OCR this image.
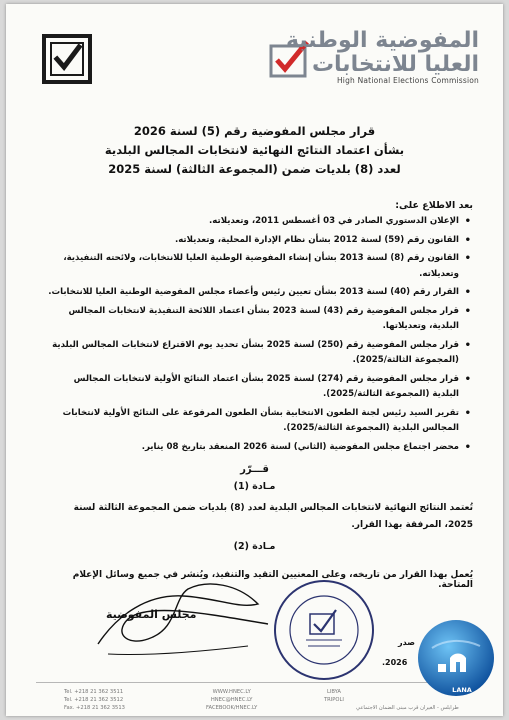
المفوضية الوطنية
العليا للانتخابات
High National Elections Commission
قرار مجلس المفوضية رقم (5) لسنة 2026
بشأن اعتماد النتائج النهائية لانتخابات المجالس البلدية
لعدد (8) بلديات ضمن (المجموعة الثالثة) لسنة 2025
بعد الاطلاع على:
• الإعلان الدستوري الصادر في 03 أغسطس 2011، وتعديلاته.
• القانون رقم (59) لسنة 2012 بشأن نظام الإدارة المحلية، وتعديلاته.
• القانون رقم (8) لسنة 2013 بشأن إنشاء المفوضية الوطنية العليا للانتخابات، ولائحته التنفيذية، وتعديلاته.
• القرار رقم (40) لسنة 2013 بشأن تعيين رئيس وأعضاء مجلس المفوضية الوطنية العليا للانتخابات.
• قرار مجلس المفوضية رقم (43) لسنة 2023 بشأن اعتماد اللائحة التنفيذية لانتخابات المجالس البلدية، وتعديلاتها.
• قرار مجلس المفوضية رقم (250) لسنة 2025 بشأن تحديد يوم الاقتراع لانتخابات المجالس البلدية (المجموعة الثالثة/2025).
• قرار مجلس المفوضية رقم (274) لسنة 2025 بشأن اعتماد النتائج الأولية لانتخابات المجالس البلدية (المجموعة الثالثة/2025).
• تقرير السيد رئيس لجنة الطعون الانتخابية بشأن الطعون المرفوعة على النتائج الأولية لانتخابات المجالس البلدية (المجموعة الثالثة/2025).
• محضر اجتماع مجلس المفوضية (الثاني) لسنة 2026 المنعقد بتاريخ 08 يناير.
قـــرّر
مـادة (1)
تُعتمد النتائج النهائية لانتخابات المجالس البلدية لعدد (8) بلديات ضمن المجموعة الثالثة لسنة 2025، المرفقة بهذا القرار.
مـادة (2)
يُعمل بهذا القرار من تاريخه، وعلى المعنيين التقيد والتنفيذ، ويُنشر في جميع وسائل الإعلام المتاحة.
مجلس المفوضية
صدر
2026.
Tel. +218 21 362 3511
Tel. +218 21 362 3512
Fax. +218 21 362 3513
WWW.HNEC.LY
HNEC@HNEC.LY
FACEBOOK/HNEC.LY
LIBYA
TRIPOLI
طرابلس - الغيران قرب مبنى الضمان الاجتماعي
LANA
